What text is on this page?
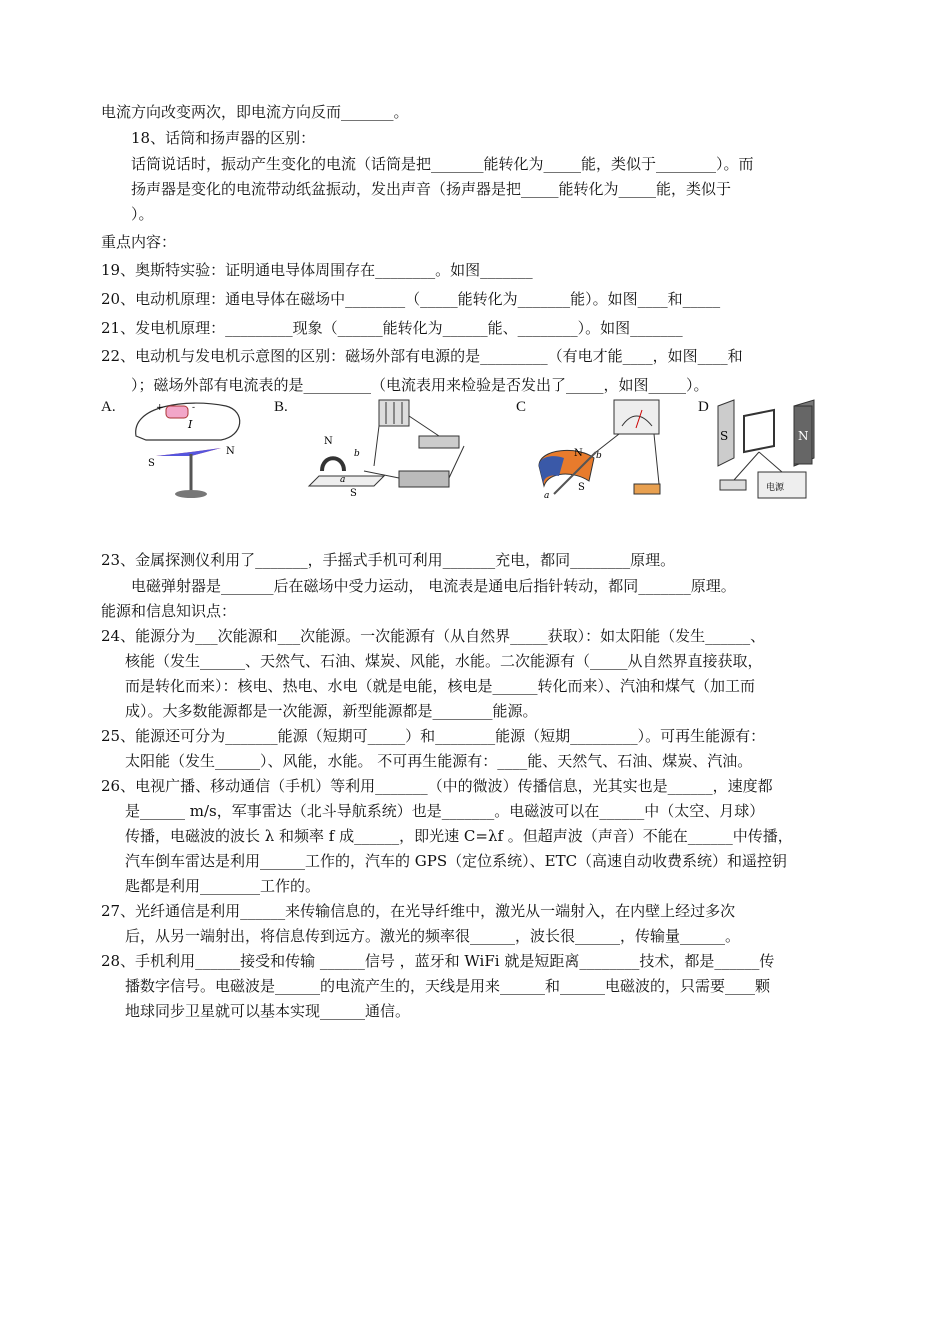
电流方向改变两次，即电流方向反而_______。
18、话筒和扬声器的区别：
话筒说话时，振动产生变化的电流（话筒是把_______能转化为_____能，类似于________）。而
扬声器是变化的电流带动纸盆振动，发出声音（扬声器是把_____能转化为_____能，类似于
）。
重点内容：
19、奥斯特实验：证明通电导体周围存在________。如图_______
20、电动机原理：通电导体在磁场中________（_____能转化为_______能）。如图____和_____
21、发电机原理：_________现象（______能转化为______能、________）。如图_______
22、电动机与发电机示意图的区别：磁场外部有电源的是_________（有电才能____，如图____和
）；磁场外部有电流表的是_________（电流表用来检验是否发出了_____，如图_____）。
A.	+	-
I
N
S
B.
N
S
a
b
C
N
S
a
b
D
S	N
电源
23、金属探测仪利用了_______，手摇式手机可利用_______充电，都同________原理。
电磁弹射器是_______后在磁场中受力运动， 电流表是通电后指针转动，都同_______原理。
能源和信息知识点：
24、能源分为___次能源和___次能源。一次能源有（从自然界_____获取）：如太阳能（发生______、
核能（发生______、天然气、石油、煤炭、风能，水能。二次能源有（_____从自然界直接获取，
而是转化而来）：核电、热电、水电（就是电能，核电是______转化而来）、汽油和煤气（加工而
成）。大多数能源都是一次能源，新型能源都是________能源。
25、能源还可分为_______能源（短期可_____）和________能源（短期_________）。可再生能源有：
太阳能（发生______）、风能，水能。 不可再生能源有：____能、天然气、石油、煤炭、汽油。
26、电视广播、移动通信（手机）等利用_______（中的微波）传播信息，光其实也是______，速度都
是______ m/s，军事雷达（北斗导航系统）也是_______。电磁波可以在______中（太空、月球）
传播，电磁波的波长 λ 和频率 f 成______，即光速 C=λf 。但超声波（声音）不能在______中传播，
汽车倒车雷达是利用______工作的，汽车的 GPS（定位系统）、ETC（高速自动收费系统）和遥控钥
匙都是利用________工作的。
27、光纤通信是利用______来传输信息的，在光导纤维中，激光从一端射入，在内壁上经过多次
后，从另一端射出，将信息传到远方。激光的频率很______，波长很______，传输量______。
28、手机利用______接受和传输 ______信号 ，蓝牙和 WiFi 就是短距离________技术，都是______传
播数字信号。电磁波是______的电流产生的，天线是用来______和______电磁波的，只需要____颗
地球同步卫星就可以基本实现______通信。
